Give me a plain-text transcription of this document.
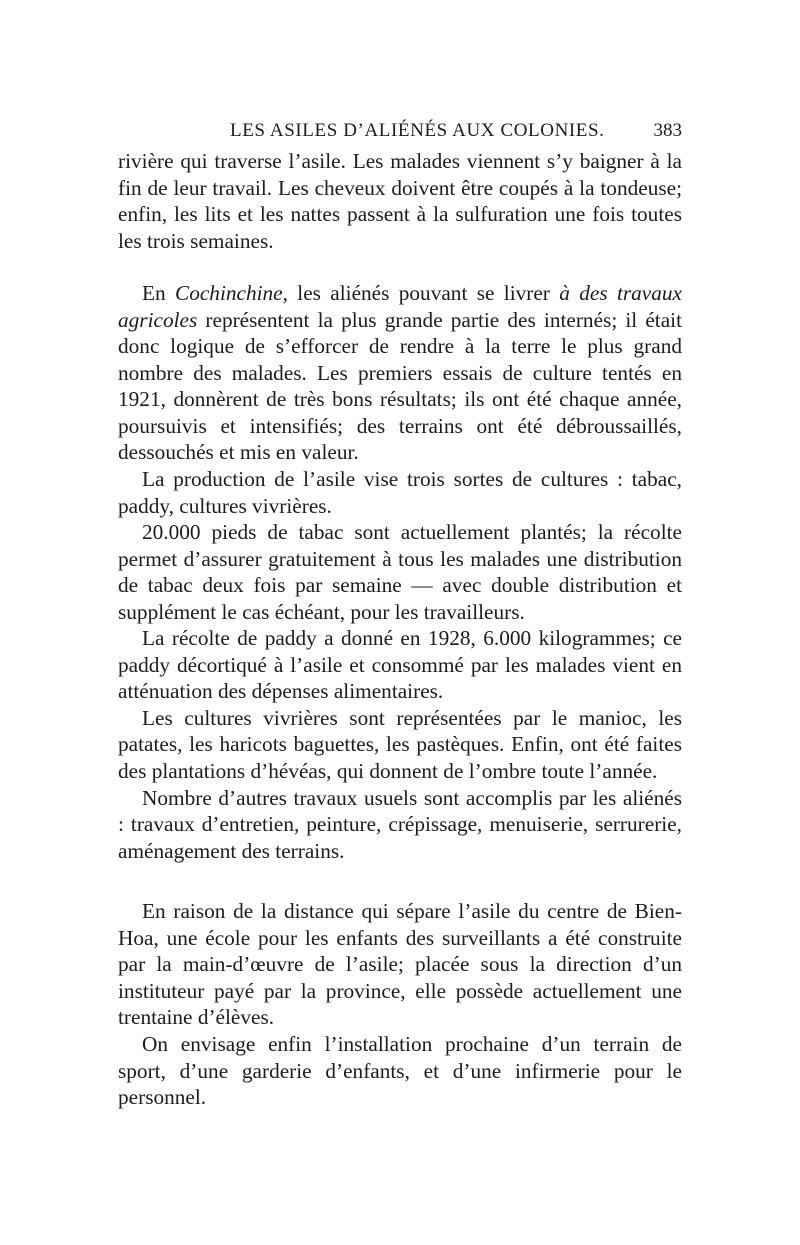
LES ASILES D’ALIÉNÉS AUX COLONIES.	383

rivière qui traverse l’asile. Les malades viennent s’y baigner à la fin de leur travail. Les cheveux doivent être coupés à la tondeuse; enfin, les lits et les nattes passent à la sulfuration une fois toutes les trois semaines.

En Cochinchine, les aliénés pouvant se livrer à des travaux agricoles représentent la plus grande partie des internés; il était donc logique de s’efforcer de rendre à la terre le plus grand nombre des malades. Les premiers essais de culture tentés en 1921, donnèrent de très bons résultats; ils ont été chaque année, poursuivis et intensifiés; des terrains ont été débroussaillés, dessouchés et mis en valeur.

La production de l’asile vise trois sortes de cultures : tabac, paddy, cultures vivrières.

20.000 pieds de tabac sont actuellement plantés; la récolte permet d’assurer gratuitement à tous les malades une distribution de tabac deux fois par semaine — avec double distribution et supplément le cas échéant, pour les travailleurs.

La récolte de paddy a donné en 1928, 6.000 kilogrammes; ce paddy décortiqué à l’asile et consommé par les malades vient en atténuation des dépenses alimentaires.

Les cultures vivrières sont représentées par le manioc, les patates, les haricots baguettes, les pastèques. Enfin, ont été faites des plantations d’hévéas, qui donnent de l’ombre toute l’année.

Nombre d’autres travaux usuels sont accomplis par les aliénés : travaux d’entretien, peinture, crépissage, menuiserie, serrurerie, aménagement des terrains.

En raison de la distance qui sépare l’asile du centre de Bien-Hoa, une école pour les enfants des surveillants a été construite par la main-d’œuvre de l’asile; placée sous la direction d’un instituteur payé par la province, elle possède actuellement une trentaine d’élèves.

On envisage enfin l’installation prochaine d’un terrain de sport, d’une garderie d’enfants, et d’une infirmerie pour le personnel.
